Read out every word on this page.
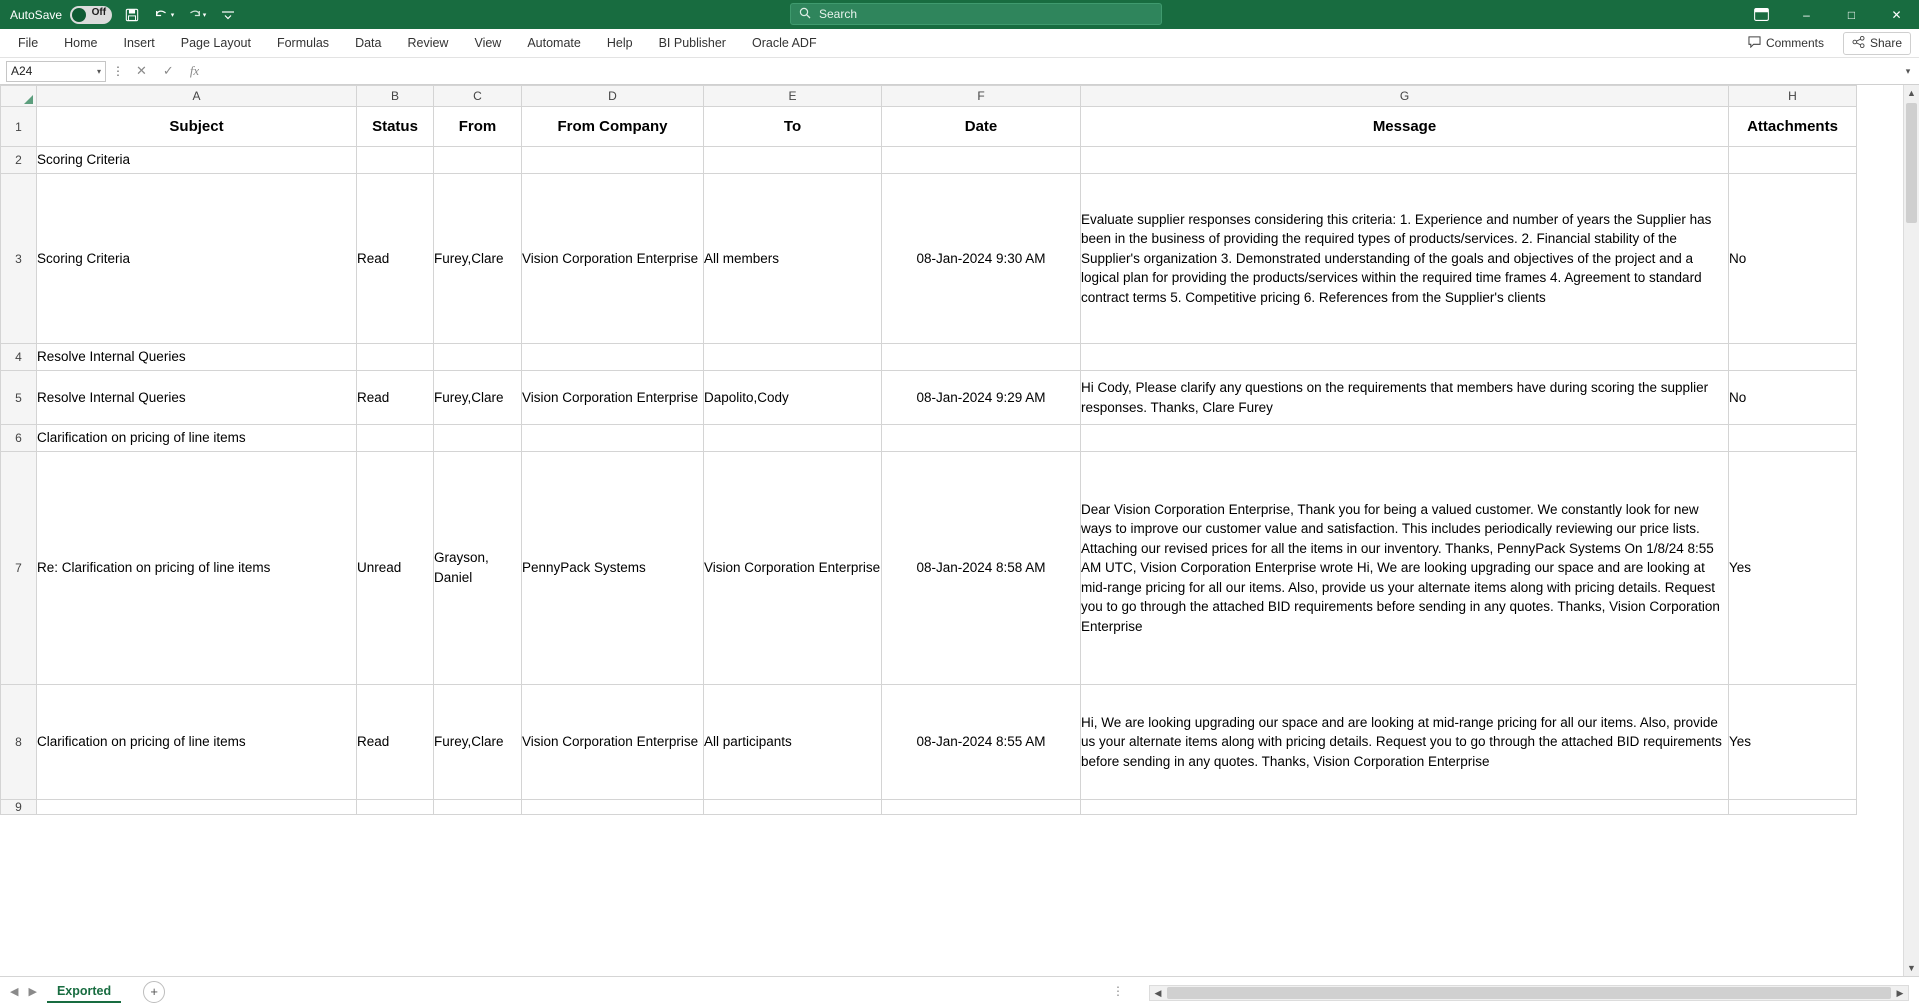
AutoSave	Off	▾	▾	Search	–	□	✕
File	Home	Insert	Page Layout	Formulas	Data	Review	View	Automate	Help	BI Publisher	Oracle ADF	Comments	Share
A24	▾ ⋮ ✕ ✓ fx	▾
	A	B	C	D	E	F	G	H
1	Subject	Status	From	From Company	To	Date	Message	Attachments
2	Scoring Criteria							
3	Scoring Criteria	Read	Furey,Clare	Vision Corporation Enterprise	All members	08-Jan-2024 9:30 AM	Evaluate supplier responses considering this criteria: 1. Experience and number of years the Supplier has been in the business of providing the required types of products/services. 2. Financial stability of the Supplier's organization 3. Demonstrated understanding of the goals and objectives of the project and a logical plan for providing the products/services within the required time frames 4. Agreement to standard contract terms 5. Competitive pricing 6. References from the Supplier's clients	No
4	Resolve Internal Queries							
5	Resolve Internal Queries	Read	Furey,Clare	Vision Corporation Enterprise	Dapolito,Cody	08-Jan-2024 9:29 AM	Hi Cody, Please clarify any questions on the requirements that members have during scoring the supplier responses. Thanks, Clare Furey	No
6	Clarification on pricing of line items							
7	Re: Clarification on pricing of line items	Unread	Grayson, Daniel	PennyPack Systems	Vision Corporation Enterprise	08-Jan-2024 8:58 AM	Dear Vision Corporation Enterprise, Thank you for being a valued customer. We constantly look for new ways to improve our customer value and satisfaction. This includes periodically reviewing our price lists. Attaching our revised prices for all the items in our inventory. Thanks, PennyPack Systems On 1/8/24 8:55 AM UTC, Vision Corporation Enterprise wrote Hi, We are looking upgrading our space and are looking at mid-range pricing for all our items. Also, provide us your alternate items along with pricing details. Request you to go through the attached BID requirements before sending in any quotes. Thanks, Vision Corporation Enterprise	Yes
8	Clarification on pricing of line items	Read	Furey,Clare	Vision Corporation Enterprise	All participants	08-Jan-2024 8:55 AM	Hi, We are looking upgrading our space and are looking at mid-range pricing for all our items. Also, provide us your alternate items along with pricing details. Request you to go through the attached BID requirements before sending in any quotes. Thanks, Vision Corporation Enterprise	Yes
9								
▲
▼
◀ ▶	Exported	+	⋮	◀	▶
